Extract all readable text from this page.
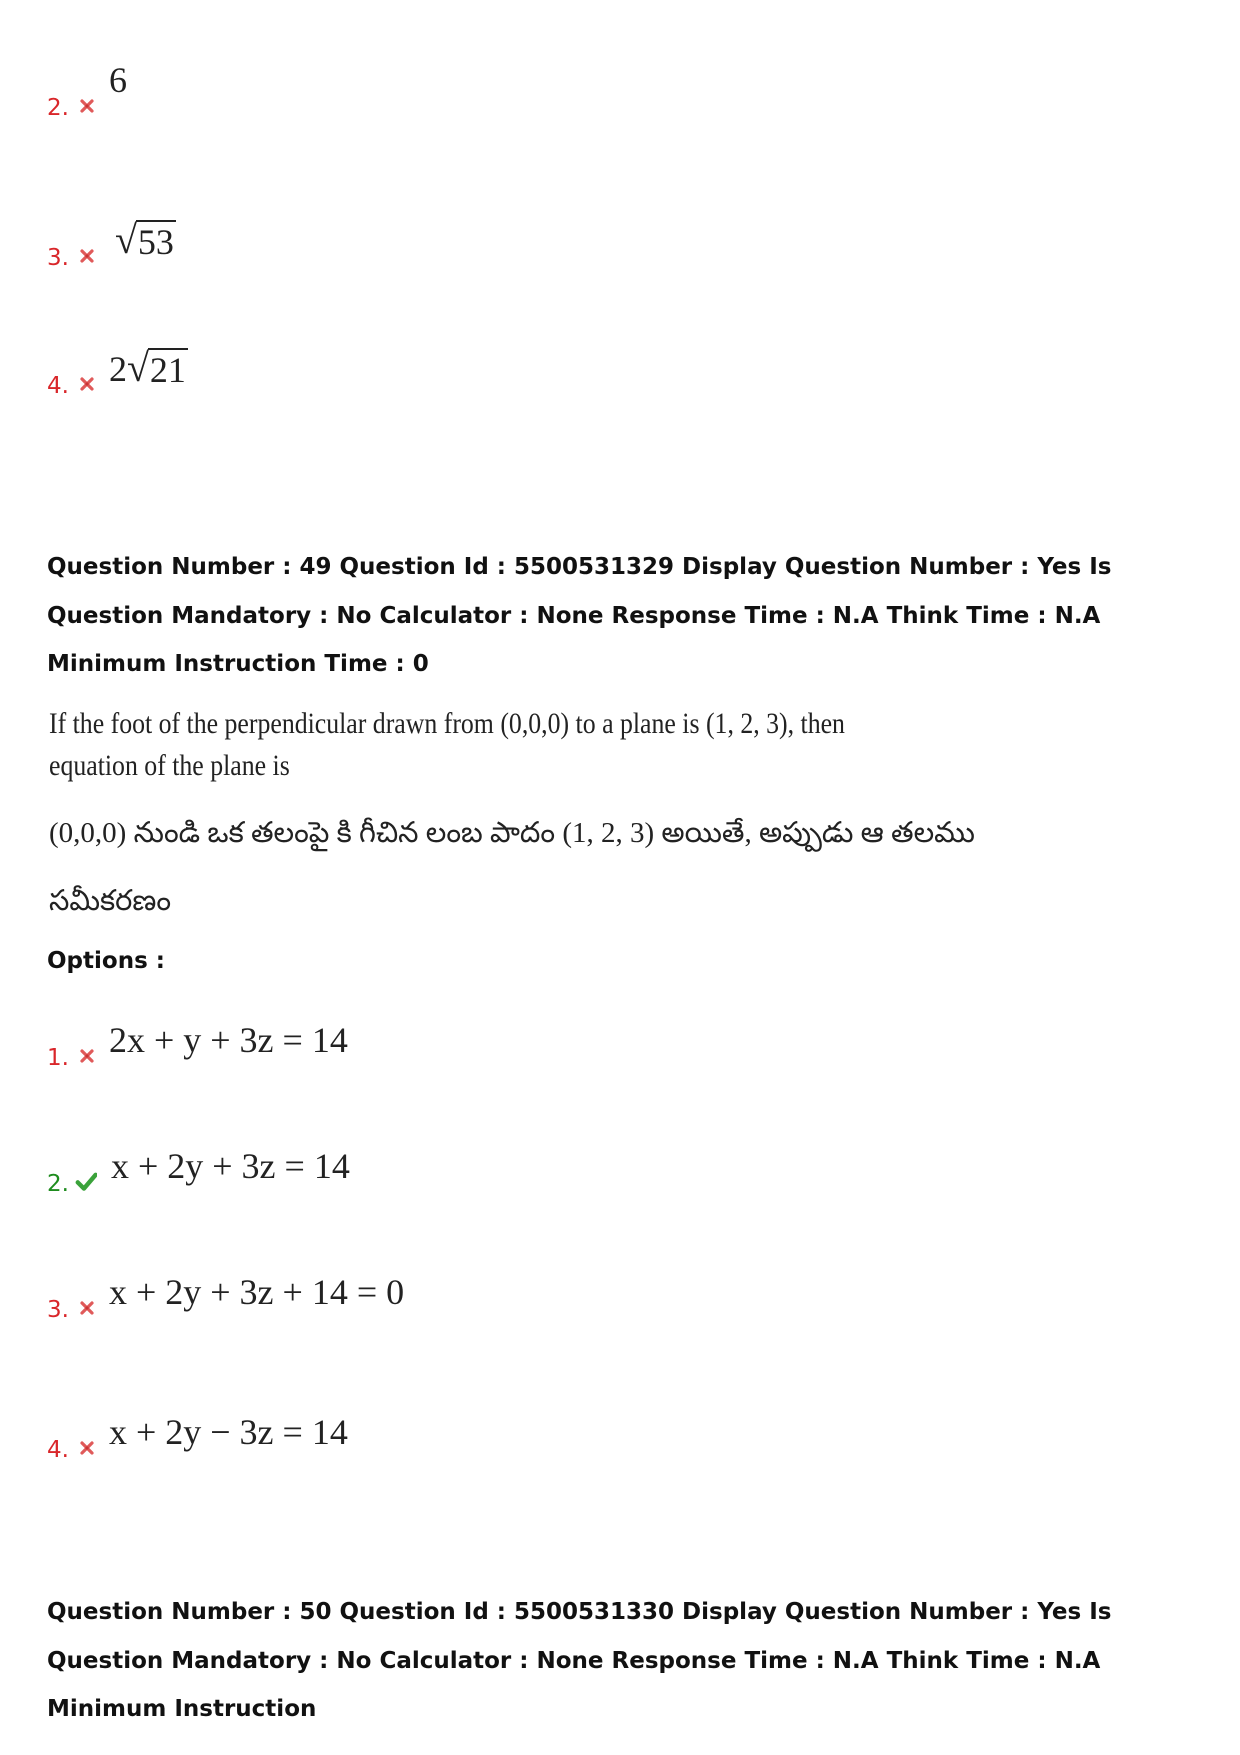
2.
6
3. √ 53
4. 2 √ 21
Question Number : 49 Question Id : 5500531329 Display Question Number : Yes Is Question Mandatory : No Calculator : None Response Time : N.A Think Time : N.A Minimum Instruction Time : 0
If the foot of the perpendicular drawn from (0,0,0) to a plane is (1, 2, 3), then
equation of the plane is
(0,0,0) నుండి ఒక తలంపై కి గీచిన లంబ పాదం (1, 2, 3) అయితే, అప్పుడు ఆ తలము
సమీకరణం
Options :
1. 2x + y + 3z = 14
2. x + 2y + 3z = 14
3. x + 2y + 3z + 14 = 0
4. x + 2y − 3z = 14
Question Number : 50 Question Id : 5500531330 Display Question Number : Yes Is Question Mandatory : No Calculator : None Response Time : N.A Think Time : N.A Minimum Instruction
